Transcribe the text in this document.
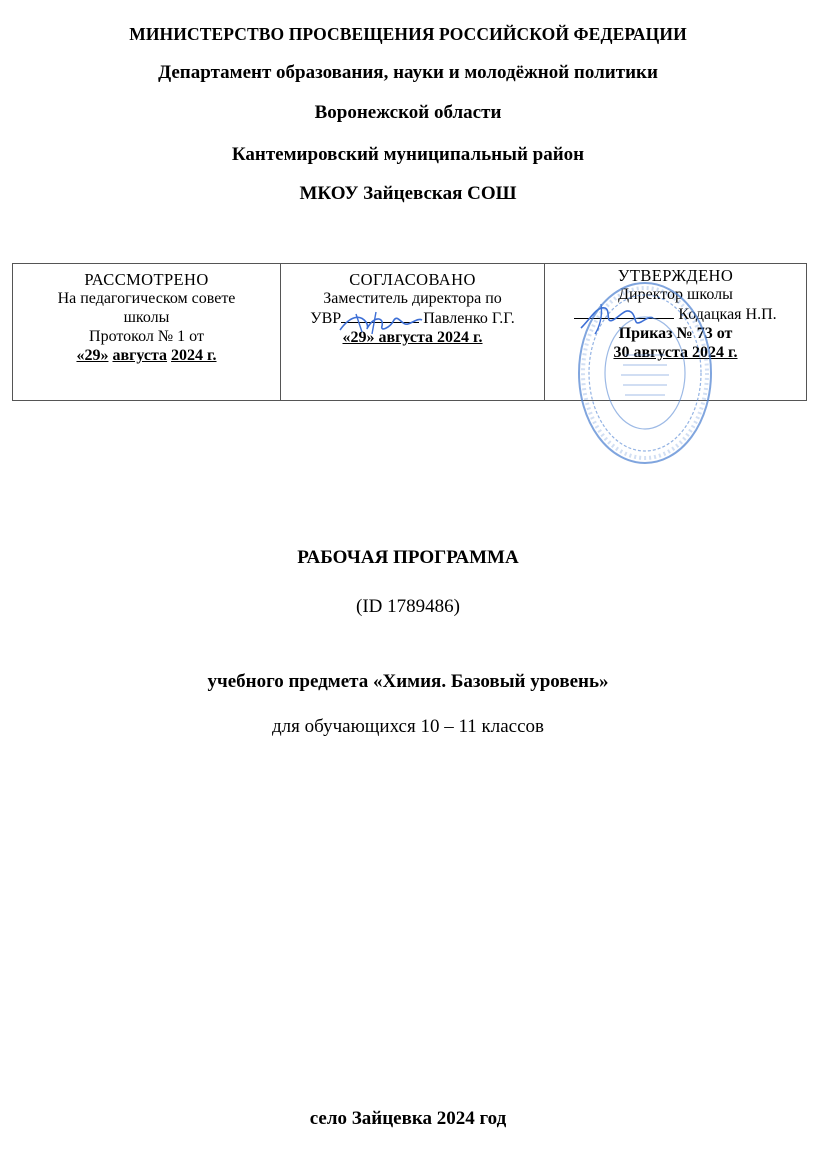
МИНИСТЕРСТВО ПРОСВЕЩЕНИЯ РОССИЙСКОЙ ФЕДЕРАЦИИ
Департамент образования, науки и молодёжной политики
Воронежской области
Кантемировский муниципальный район
МКОУ Зайцевская СОШ
РАССМОТРЕНО
На педагогическом совете
школы
Протокол № 1 от
«29» августа 2024 г.
СОГЛАСОВАНО
Заместитель директора по
УВР	Павленко Г.Г.
«29» августа 2024 г.
УТВЕРЖДЕНО
Директор школы
Кодацкая Н.П.
Приказ № 73 от
30 августа 2024 г.
РАБОЧАЯ ПРОГРАММА
(ID 1789486)
учебного предмета «Химия. Базовый уровень»
для обучающихся 10 – 11 классов
село Зайцевка 2024 год
